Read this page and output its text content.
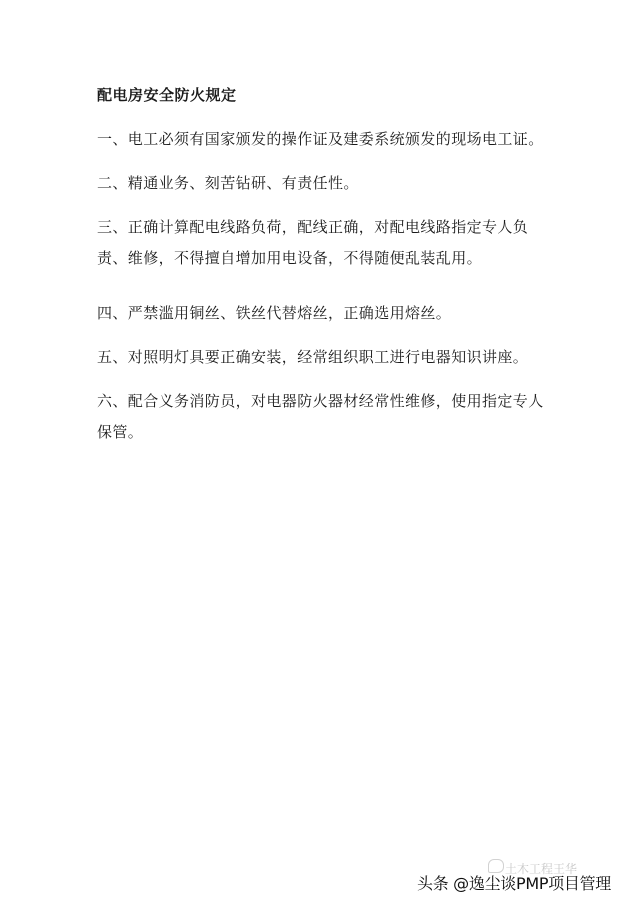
配电房安全防火规定

一、电工必须有国家颁发的操作证及建委系统颁发的现场电工证。

二、精通业务、刻苦钻研、有责任性。

三、正确计算配电线路负荷，配线正确，对配电线路指定专人负责、维修，不得擅自增加用电设备，不得随便乱装乱用。

四、严禁滥用铜丝、铁丝代替熔丝，正确选用熔丝。

五、对照明灯具要正确安装，经常组织职工进行电器知识讲座。

六、配合义务消防员，对电器防火器材经常性维修，使用指定专人保管。

土木工程王华
头条 @逸尘谈PMP项目管理
